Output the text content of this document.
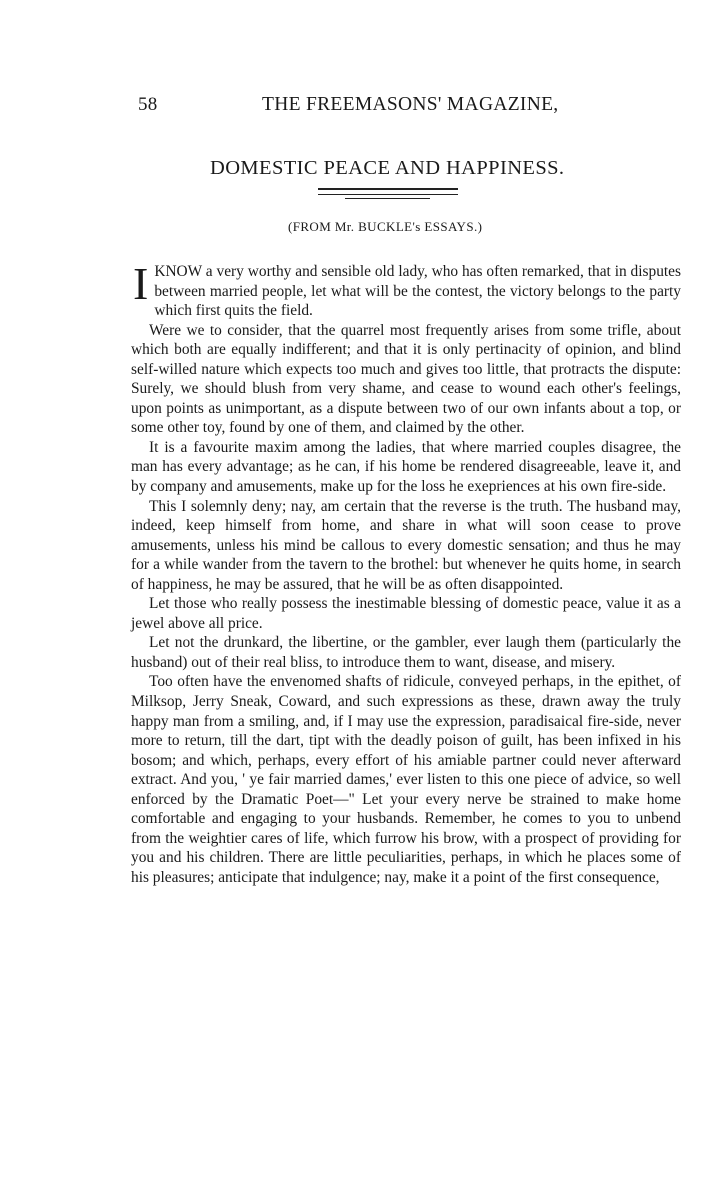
58	THE FREEMASONS' MAGAZINE,
DOMESTIC PEACE AND HAPPINESS.
(FROM Mr. BUCKLE's ESSAYS.)

IKNOW a very worthy and sensible old lady, who has often remarked, that in disputes between married people, let what will be the contest, the victory belongs to the party which first quits the field.

Were we to consider, that the quarrel most frequently arises from some trifle, about which both are equally indifferent; and that it is only pertinacity of opinion, and blind self-willed nature which expects too much and gives too little, that protracts the dispute: Surely, we should blush from very shame, and cease to wound each other's feelings, upon points as unimportant, as a dispute between two of our own infants about a top, or some other toy, found by one of them, and claimed by the other.

It is a favourite maxim among the ladies, that where married couples disagree, the man has every advantage; as he can, if his home be rendered disagreeable, leave it, and by company and amusements, make up for the loss he exepriences at his own fire-side.

This I solemnly deny; nay, am certain that the reverse is the truth. The husband may, indeed, keep himself from home, and share in what will soon cease to prove amusements, unless his mind be callous to every domestic sensation; and thus he may for a while wander from the tavern to the brothel: but whenever he quits home, in search of happiness, he may be assured, that he will be as often disappointed.

Let those who really possess the inestimable blessing of domestic peace, value it as a jewel above all price.

Let not the drunkard, the libertine, or the gambler, ever laugh them (particularly the husband) out of their real bliss, to introduce them to want, disease, and misery.

Too often have the envenomed shafts of ridicule, conveyed perhaps, in the epithet, of Milksop, Jerry Sneak, Coward, and such expressions as these, drawn away the truly happy man from a smiling, and, if I may use the expression, paradisaical fire-side, never more to return, till the dart, tipt with the deadly poison of guilt, has been infixed in his bosom; and which, perhaps, every effort of his amiable partner could never afterward extract. And you, ' ye fair married dames,' ever listen to this one piece of advice, so well enforced by the Dramatic Poet—" Let your every nerve be strained to make home comfortable and engaging to your husbands. Remember, he comes to you to unbend from the weightier cares of life, which furrow his brow, with a prospect of providing for you and his children. There are little peculiarities, perhaps, in which he places some of his pleasures; anticipate that indulgence; nay, make it a point of the first consequence,
